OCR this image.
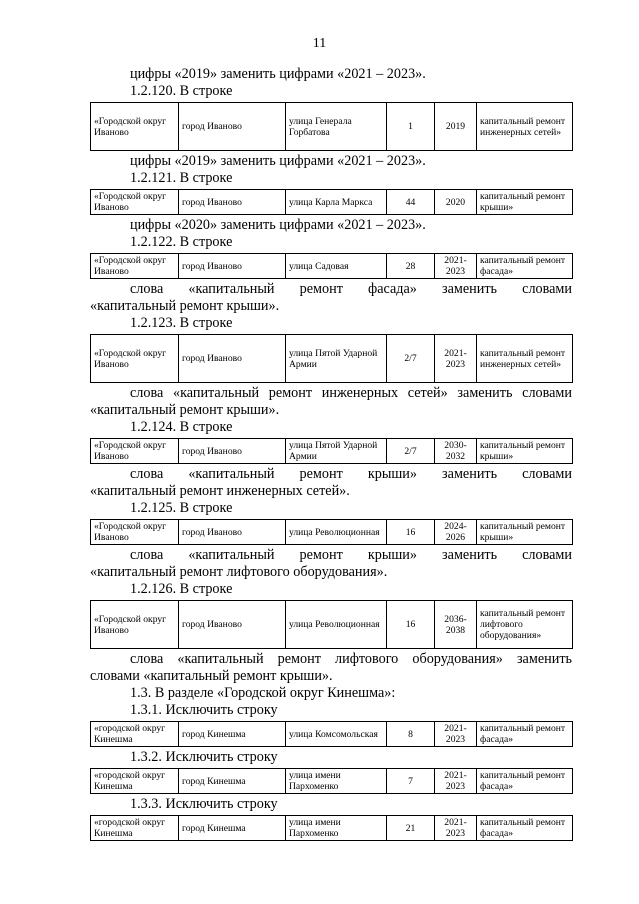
11

цифры «2019» заменить цифрами «2021 – 2023».

1.2.120. В строке

«Городской округ Иваново	город Иваново	улица Генерала Горбатова	1	2019	капитальный ремонт инженерных сетей»

цифры «2019» заменить цифрами «2021 – 2023».

1.2.121. В строке

«Городской округ Иваново	город Иваново	улица Карла Маркса	44	2020	капитальный ремонт крыши»

цифры «2020» заменить цифрами «2021 – 2023».

1.2.122. В строке

«Городской округ Иваново	город Иваново	улица Садовая	28	2021-2023	капитальный ремонт фасада»

слова «капитальный ремонт фасада» заменить словами

«капитальный ремонт крыши».

1.2.123. В строке

«Городской округ Иваново	город Иваново	улица Пятой Ударной Армии	2/7	2021-2023	капитальный ремонт инженерных сетей»

слова «капитальный ремонт инженерных сетей» заменить словами

«капитальный ремонт крыши».

1.2.124. В строке

«Городской округ Иваново	город Иваново	улица Пятой Ударной Армии	2/7	2030-2032	капитальный ремонт крыши»

слова «капитальный ремонт крыши» заменить словами

«капитальный ремонт инженерных сетей».

1.2.125. В строке

«Городской округ Иваново	город Иваново	улица Революционная	16	2024-2026	капитальный ремонт крыши»

слова «капитальный ремонт крыши» заменить словами

«капитальный ремонт лифтового оборудования».

1.2.126. В строке

«Городской округ Иваново	город Иваново	улица Революционная	16	2036-2038	капитальный ремонт лифтового оборудования»

слова «капитальный ремонт лифтового оборудования» заменить

словами «капитальный ремонт крыши».

1.3. В разделе «Городской округ Кинешма»:

1.3.1. Исключить строку

«городской округ Кинешма	город Кинешма	улица Комсомольская	8	2021-2023	капитальный ремонт фасада»

1.3.2. Исключить строку

«городской округ Кинешма	город Кинешма	улица имени Пархоменко	7	2021-2023	капитальный ремонт фасада»

1.3.3. Исключить строку

«городской округ Кинешма	город Кинешма	улица имени Пархоменко	21	2021-2023	капитальный ремонт фасада»
